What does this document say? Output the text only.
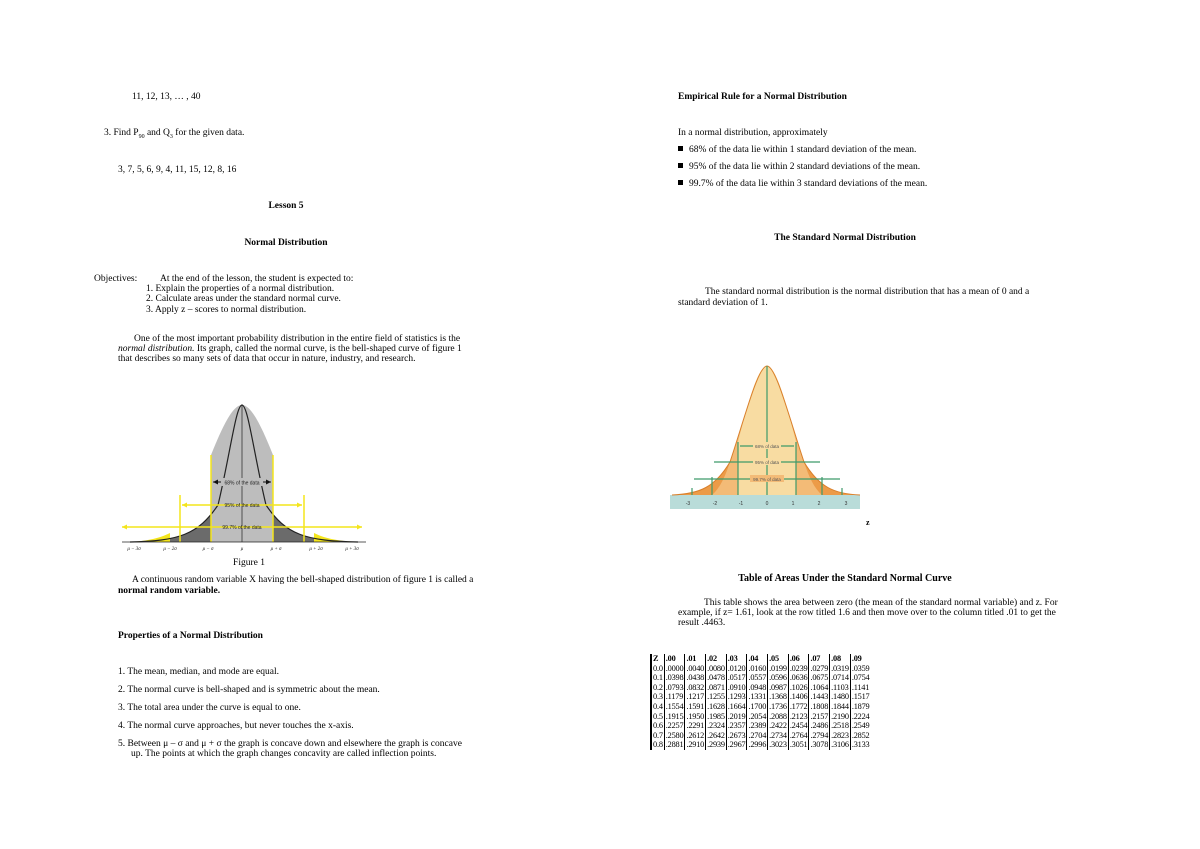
11, 12, 13, … , 40
3. Find $P_{90}$ and $Q_3$ for the given data.
3, 7, 5, 6, 9, 4, 11, 15, 12, 8, 16
Lesson 5
Normal Distribution
Objectives: At the end of the lesson, the student is expected to:
1. Explain the properties of a normal distribution.
2. Calculate areas under the standard normal curve.
3. Apply z – scores to normal distribution.
One of the most important probability distribution in the entire field of statistics is the
normal distribution. Its graph, called the normal curve, is the bell-shaped curve of figure 1
that describes so many sets of data that occur in nature, industry, and research.
68% of the data
95% of the data
99.7% of the data
μ − 3σ	μ − 2σ	μ − σ	μ	μ + σ	μ + 2σ	μ + 3σ
Figure 1
A continuous random variable X having the bell-shaped distribution of figure 1 is called a
normal random variable.
Properties of a Normal Distribution
1. The mean, median, and mode are equal.
2. The normal curve is bell-shaped and is symmetric about the mean.
3. The total area under the curve is equal to one.
4. The normal curve approaches, but never touches the x-axis.
5. Between μ – σ and μ + σ the graph is concave down and elsewhere the graph is concave
up. The points at which the graph changes concavity are called inflection points.
Empirical Rule for a Normal Distribution
In a normal distribution, approximately
68% of the data lie within 1 standard deviation of the mean.
95% of the data lie within 2 standard deviations of the mean.
99.7% of the data lie within 3 standard deviations of the mean.
The Standard Normal Distribution
The standard normal distribution is the normal distribution that has a mean of 0 and a
standard deviation of 1.
68% of data
95% of data
99.7% of data
-3	-2	-1	0	1	2	3
z
Table of Areas Under the Standard Normal Curve
This table shows the area between zero (the mean of the standard normal variable) and z. For
example, if z= 1.61, look at the row titled 1.6 and then move over to the column titled .01 to get the
result .4463.
Z	.00	.01	.02	.03	.04	.05	.06	.07	.08	.09
0.0	.0000	.0040	.0080	.0120	.0160	.0199	.0239	.0279	.0319	.0359
0.1	.0398	.0438	.0478	.0517	.0557	.0596	.0636	.0675	.0714	.0754
0.2	.0793	.0832	.0871	.0910	.0948	.0987	.1026	.1064	.1103	.1141
0.3	.1179	.1217	.1255	.1293	.1331	.1368	.1406	.1443	.1480	.1517
0.4	.1554	.1591	.1628	.1664	.1700	.1736	.1772	.1808	.1844	.1879
0.5	.1915	.1950	.1985	.2019	.2054	.2088	.2123	.2157	.2190	.2224
0.6	.2257	.2291	.2324	.2357	.2389	.2422	.2454	.2486	.2518	.2549
0.7	.2580	.2612	.2642	.2673	.2704	.2734	.2764	.2794	.2823	.2852
0.8	.2881	.2910	.2939	.2967	.2996	.3023	.3051	.3078	.3106	.3133
